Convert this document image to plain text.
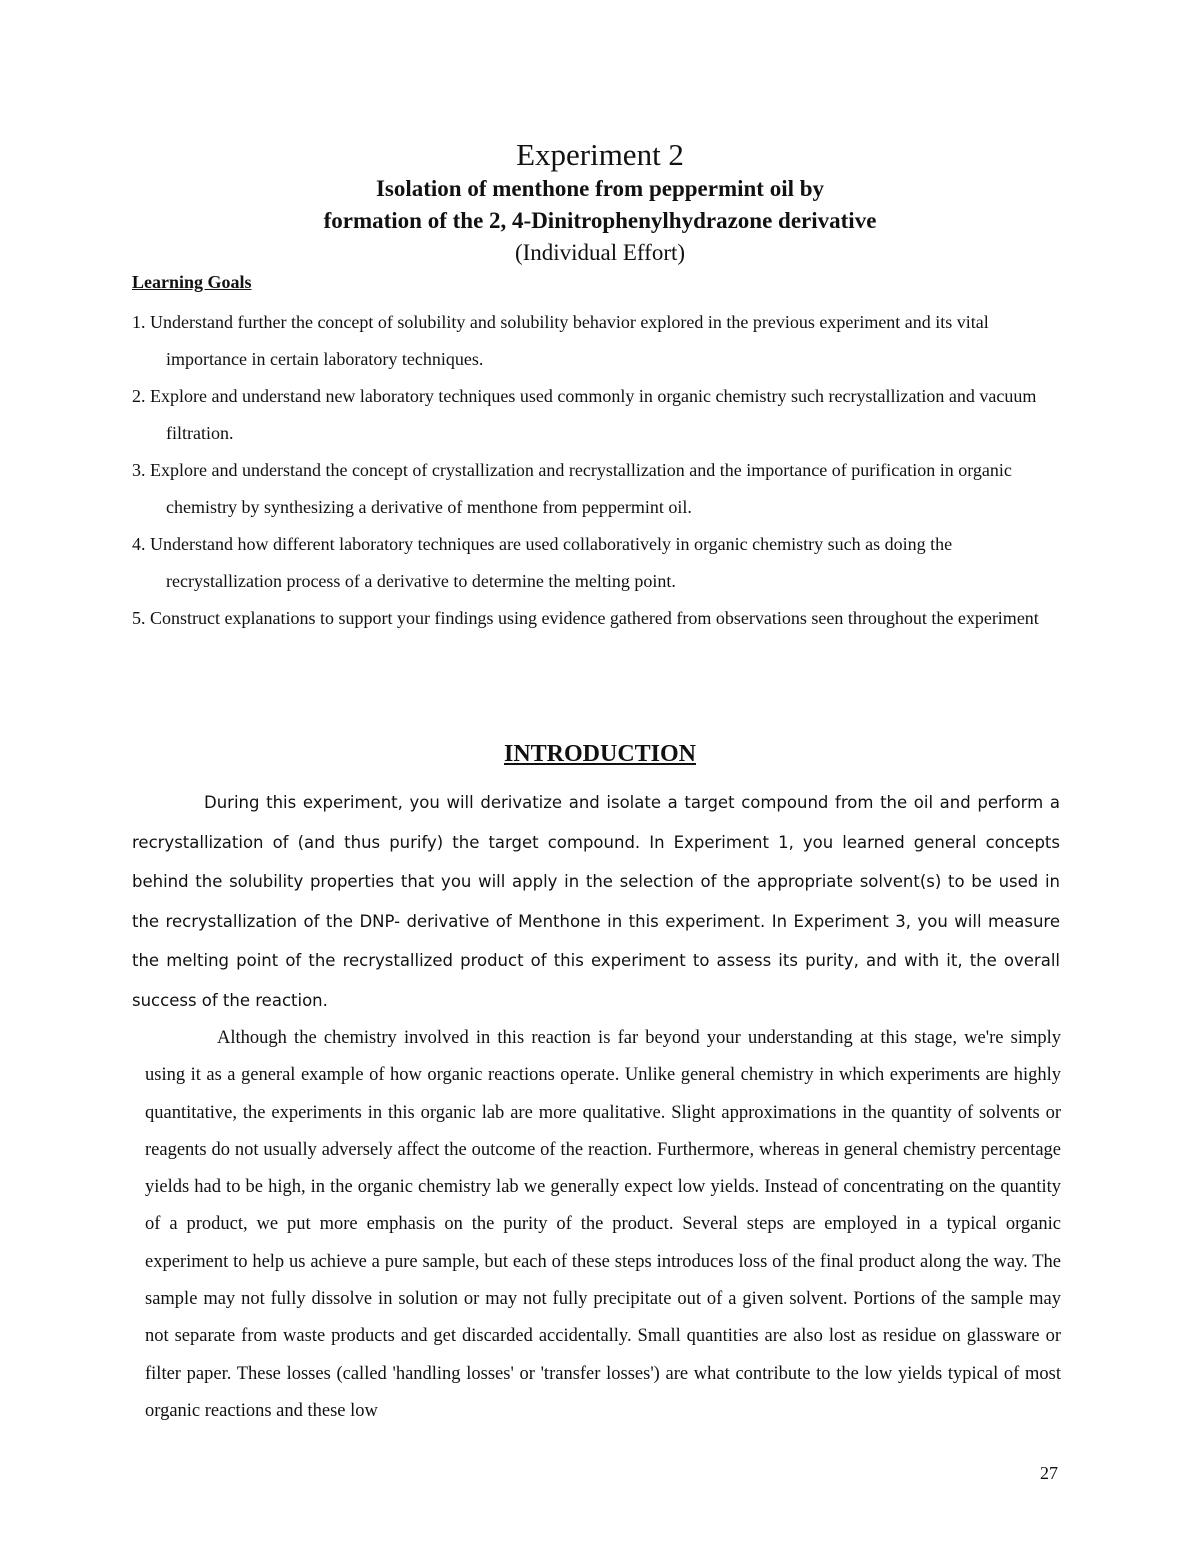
Experiment 2
Isolation of menthone from peppermint oil by
formation of the 2, 4-Dinitrophenylhydrazone derivative
(Individual Effort)
Learning Goals
1. Understand further the concept of solubility and solubility behavior explored in the previous experiment and its vital importance in certain laboratory techniques.
2. Explore and understand new laboratory techniques used commonly in organic chemistry such recrystallization and vacuum filtration.
3. Explore and understand the concept of crystallization and recrystallization and the importance of purification in organic chemistry by synthesizing a derivative of menthone from peppermint oil.
4. Understand how different laboratory techniques are used collaboratively in organic chemistry such as doing the recrystallization process of a derivative to determine the melting point.
5. Construct explanations to support your findings using evidence gathered from observations seen throughout the experiment
INTRODUCTION

During this experiment, you will derivatize and isolate a target compound from the oil and perform a recrystallization of (and thus purify) the target compound. In Experiment 1, you learned general concepts behind the solubility properties that you will apply in the selection of the appropriate solvent(s) to be used in the recrystallization of the DNP- derivative of Menthone in this experiment. In Experiment 3, you will measure the melting point of the recrystallized product of this experiment to assess its purity, and with it, the overall success of the reaction.

Although the chemistry involved in this reaction is far beyond your understanding at this stage, we're simply using it as a general example of how organic reactions operate. Unlike general chemistry in which experiments are highly quantitative, the experiments in this organic lab are more qualitative. Slight approximations in the quantity of solvents or reagents do not usually adversely affect the outcome of the reaction. Furthermore, whereas in general chemistry percentage yields had to be high, in the organic chemistry lab we generally expect low yields. Instead of concentrating on the quantity of a product, we put more emphasis on the purity of the product. Several steps are employed in a typical organic experiment to help us achieve a pure sample, but each of these steps introduces loss of the final product along the way. The sample may not fully dissolve in solution or may not fully precipitate out of a given solvent. Portions of the sample may not separate from waste products and get discarded accidentally. Small quantities are also lost as residue on glassware or filter paper. These losses (called 'handling losses' or 'transfer losses') are what contribute to the low yields typical of most organic reactions and these low

27
